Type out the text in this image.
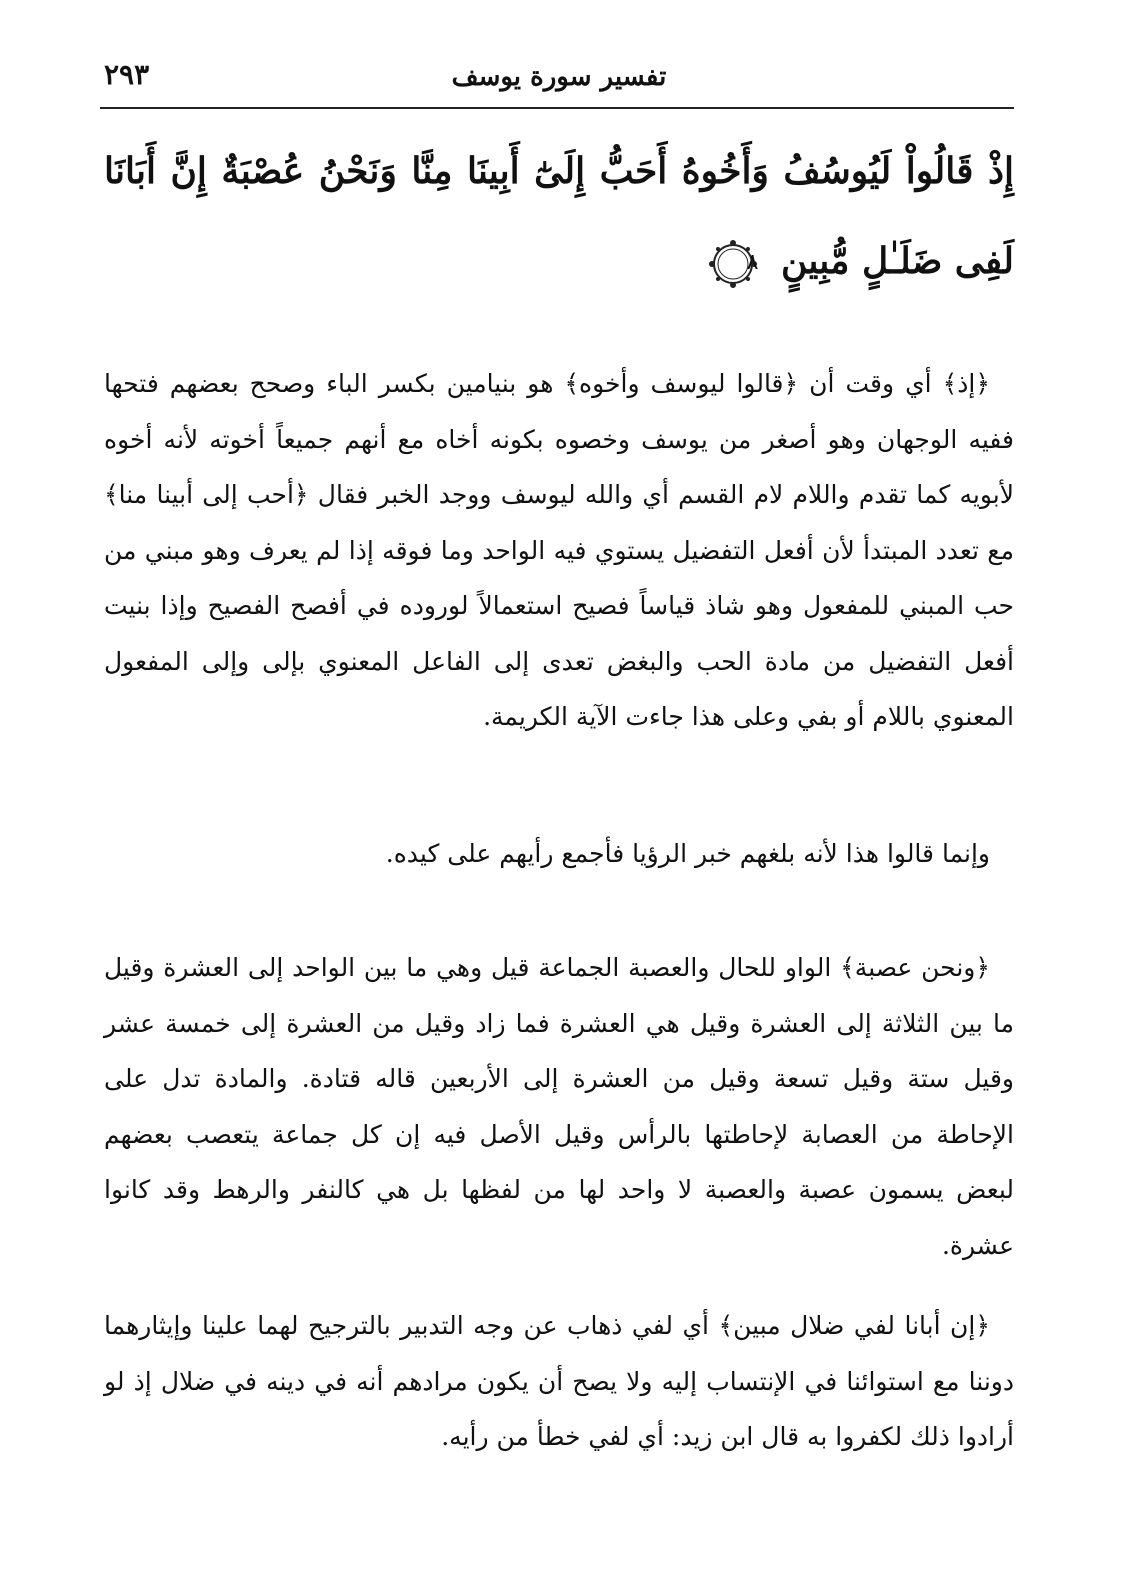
٢٩٣	تفسير سورة يوسف
إِذْ قَالُواْ لَيُوسُفُ وَأَخُوهُ أَحَبُّ إِلَىٰٓ أَبِينَا مِنَّا وَنَحْنُ عُصْبَةٌ إِنَّ أَبَانَا لَفِى ضَلَـٰلٍ مُّبِينٍ
٨

﴿إذ﴾ أي وقت أن ﴿قالوا ليوسف وأخوه﴾ هو بنيامين بكسر الباء وصحح بعضهم فتحها ففيه الوجهان وهو أصغر من يوسف وخصوه بكونه أخاه مع أنهم جميعاً أخوته لأنه أخوه لأبويه كما تقدم واللام لام القسم أي والله ليوسف ووجد الخبر فقال ﴿أحب إلى أبينا منا﴾ مع تعدد المبتدأ لأن أفعل التفضيل يستوي فيه الواحد وما فوقه إذا لم يعرف وهو مبني من حب المبني للمفعول وهو شاذ قياساً فصيح استعمالاً لوروده في أفصح الفصيح وإذا بنيت أفعل التفضيل من مادة الحب والبغض تعدى إلى الفاعل المعنوي بإلى وإلى المفعول المعنوي باللام أو بفي وعلى هذا جاءت الآية الكريمة.

وإنما قالوا هذا لأنه بلغهم خبر الرؤيا فأجمع رأيهم على كيده.

﴿ونحن عصبة﴾ الواو للحال والعصبة الجماعة قيل وهي ما بين الواحد إلى العشرة وقيل ما بين الثلاثة إلى العشرة وقيل هي العشرة فما زاد وقيل من العشرة إلى خمسة عشر وقيل ستة وقيل تسعة وقيل من العشرة إلى الأربعين قاله قتادة. والمادة تدل على الإحاطة من العصابة لإحاطتها بالرأس وقيل الأصل فيه إن كل جماعة يتعصب بعضهم لبعض يسمون عصبة والعصبة لا واحد لها من لفظها بل هي كالنفر والرهط وقد كانوا عشرة.

﴿إن أبانا لفي ضلال مبين﴾ أي لفي ذهاب عن وجه التدبير بالترجيح لهما علينا وإيثارهما دوننا مع استوائنا في الإنتساب إليه ولا يصح أن يكون مرادهم أنه في دينه في ضلال إذ لو أرادوا ذلك لكفروا به قال ابن زيد: أي لفي خطأ من رأيه.
